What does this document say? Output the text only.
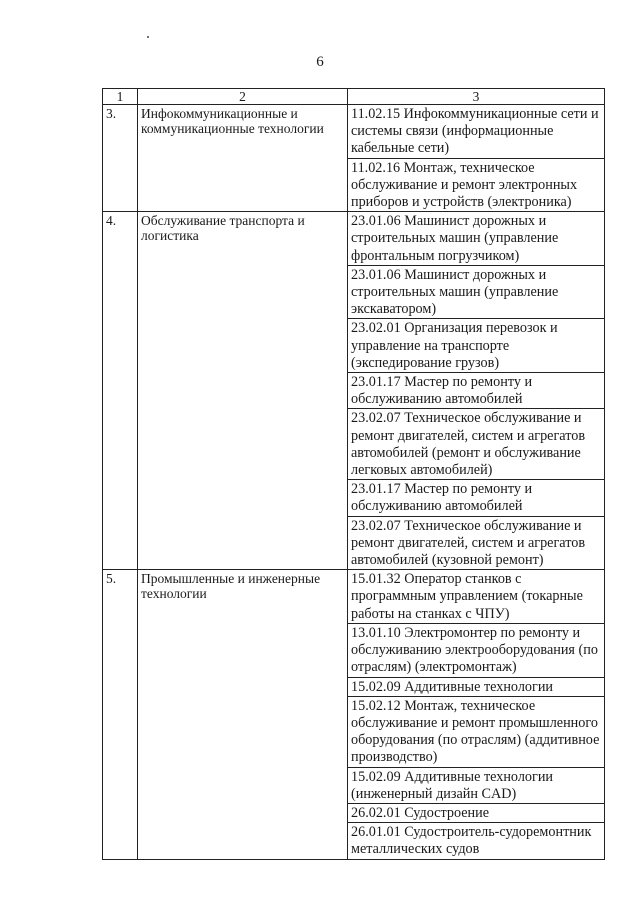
6
1	2	3
3.	Инфокоммуникационные и коммуникационные технологии	11.02.15 Инфокоммуникационные сети и системы связи (информационные кабельные сети)

		11.02.16 Монтаж, техническое обслуживание и ремонт электронных приборов и устройств (электроника)

4.	Обслуживание транспорта и логистика	23.01.06 Машинист дорожных и строительных машин (управление фронтальным погрузчиком)

		23.01.06 Машинист дорожных и строительных машин (управление экскаватором)

		23.02.01 Организация перевозок и управление на транспорте (экспедирование грузов)

		23.01.17 Мастер по ремонту и обслуживанию автомобилей

		23.02.07 Техническое обслуживание и ремонт двигателей, систем и агрегатов автомобилей (ремонт и обслуживание легковых автомобилей)

		23.01.17 Мастер по ремонту и обслуживанию автомобилей

		23.02.07 Техническое обслуживание и ремонт двигателей, систем и агрегатов автомобилей (кузовной ремонт)

5.	Промышленные и инженерные технологии	15.01.32 Оператор станков с программным управлением (токарные работы на станках с ЧПУ)

		13.01.10 Электромонтер по ремонту и обслуживанию электрооборудования (по отраслям) (электромонтаж)

		15.02.09 Аддитивные технологии

		15.02.12 Монтаж, техническое обслуживание и ремонт промышленного оборудования (по отраслям) (аддитивное производство)

		15.02.09 Аддитивные технологии (инженерный дизайн CAD)

		26.02.01 Судостроение

		26.01.01 Судостроитель-судоремонтник металлических судов
